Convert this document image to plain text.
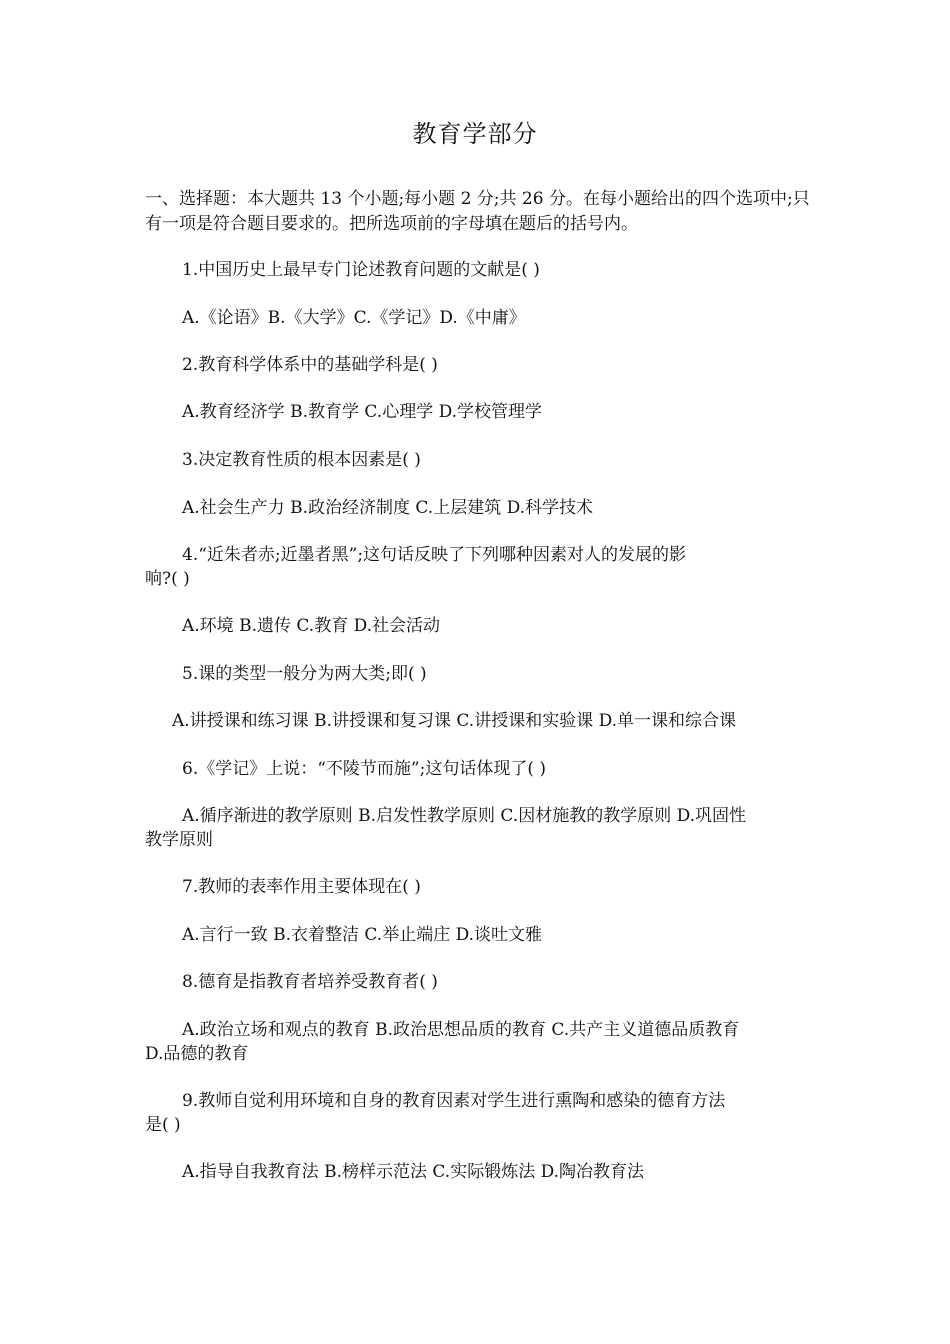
教育学部分
一、选择题：本大题共 13 个小题;每小题 2 分;共 26 分。在每小题给出的四个选项中;只有一项是符合题目要求的。把所选项前的字母填在题后的括号内。
1.中国历史上最早专门论述教育问题的文献是( )
A.《论语》B.《大学》C.《学记》D.《中庸》
2.教育科学体系中的基础学科是( )
A.教育经济学 B.教育学 C.心理学 D.学校管理学
3.决定教育性质的根本因素是( )
A.社会生产力 B.政治经济制度 C.上层建筑 D.科学技术
4.“近朱者赤;近墨者黑”;这句话反映了下列哪种因素对人的发展的影
响?( )
A.环境 B.遗传 C.教育 D.社会活动
5.课的类型一般分为两大类;即( )
A.讲授课和练习课 B.讲授课和复习课 C.讲授课和实验课 D.单一课和综合课
6.《学记》上说：“不陵节而施”;这句话体现了( )
A.循序渐进的教学原则 B.启发性教学原则 C.因材施教的教学原则 D.巩固性
教学原则
7.教师的表率作用主要体现在( )
A.言行一致 B.衣着整洁 C.举止端庄 D.谈吐文雅
8.德育是指教育者培养受教育者( )
A.政治立场和观点的教育 B.政治思想品质的教育 C.共产主义道德品质教育
D.品德的教育
9.教师自觉利用环境和自身的教育因素对学生进行熏陶和感染的德育方法
是( )
A.指导自我教育法 B.榜样示范法 C.实际锻炼法 D.陶冶教育法
